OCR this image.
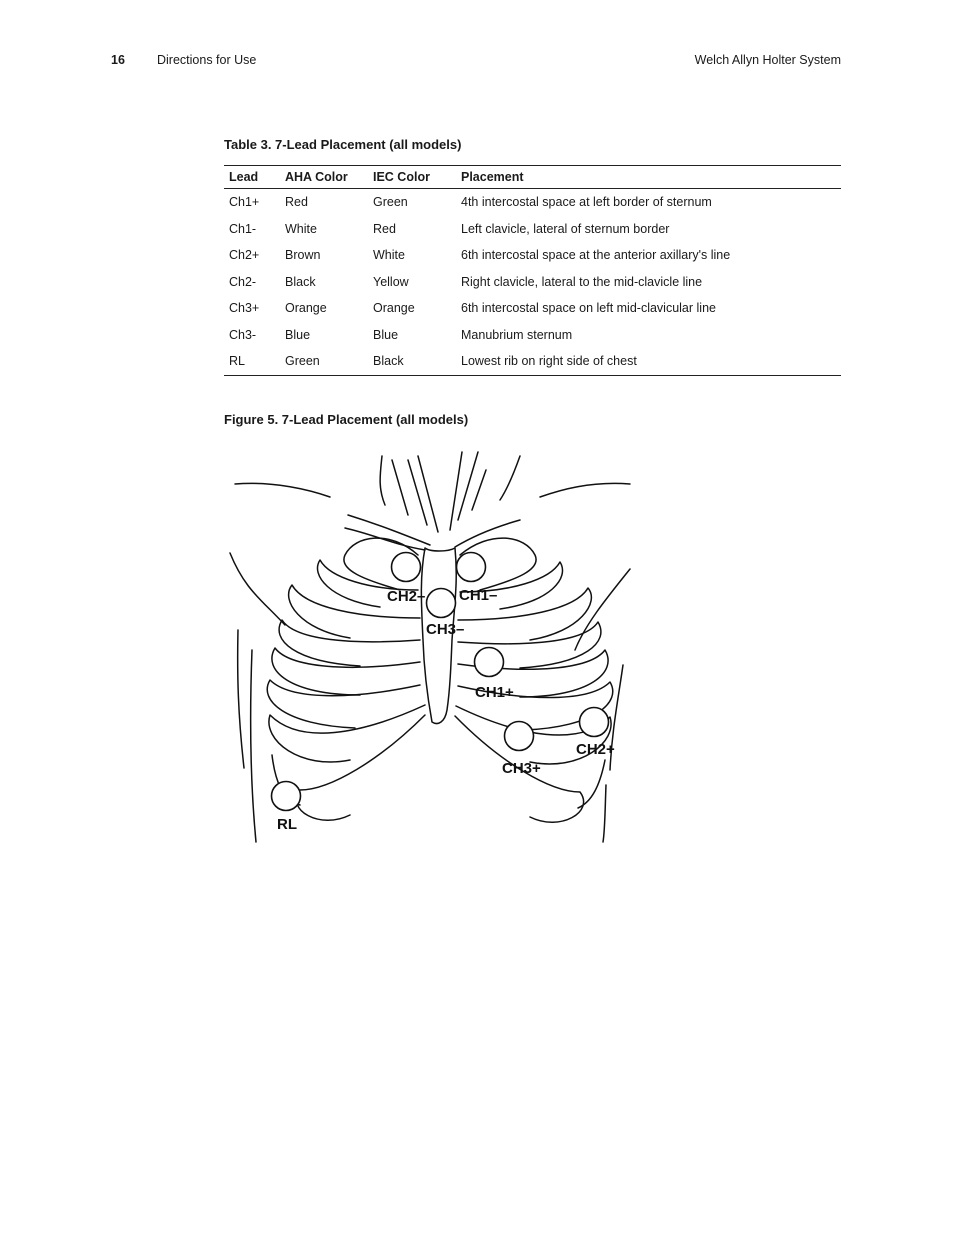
16	Directions for Use	Welch Allyn Holter System
Table 3. 7-Lead Placement (all models)
Lead	AHA Color	IEC Color	Placement
Ch1+	Red	Green	4th intercostal space at left border of sternum
Ch1-	White	Red	Left clavicle, lateral of sternum border
Ch2+	Brown	White	6th intercostal space at the anterior axillary's line
Ch2-	Black	Yellow	Right clavicle, lateral to the mid-clavicle line
Ch3+	Orange	Orange	6th intercostal space on left mid-clavicular line
Ch3-	Blue	Blue	Manubrium sternum
RL	Green	Black	Lowest rib on right side of chest
Figure 5. 7-Lead Placement (all models)
CH2– CH1–
CH3–
CH1+
CH3+
CH2+
RL
